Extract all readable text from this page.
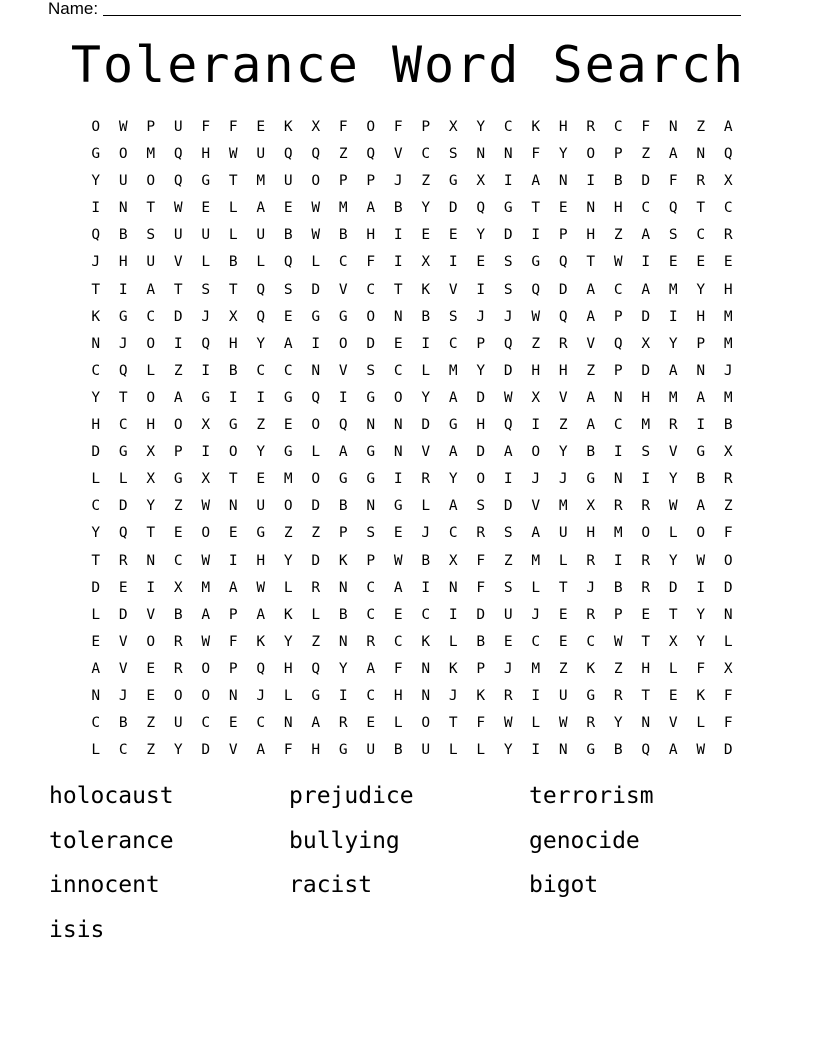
Name:
Tolerance Word Search
O	W	P	U	F	F	E	K	X	F	O	F	P	X	Y	C	K	H	R	C	F	N	Z	A
G	O	M	Q	H	W	U	Q	Q	Z	Q	V	C	S	N	N	F	Y	O	P	Z	A	N	Q
Y	U	O	Q	G	T	M	U	O	P	P	J	Z	G	X	I	A	N	I	B	D	F	R	X
I	N	T	W	E	L	A	E	W	M	A	B	Y	D	Q	G	T	E	N	H	C	Q	T	C
Q	B	S	U	U	L	U	B	W	B	H	I	E	E	Y	D	I	P	H	Z	A	S	C	R
J	H	U	V	L	B	L	Q	L	C	F	I	X	I	E	S	G	Q	T	W	I	E	E	E
T	I	A	T	S	T	Q	S	D	V	C	T	K	V	I	S	Q	D	A	C	A	M	Y	H
K	G	C	D	J	X	Q	E	G	G	O	N	B	S	J	J	W	Q	A	P	D	I	H	M
N	J	O	I	Q	H	Y	A	I	O	D	E	I	C	P	Q	Z	R	V	Q	X	Y	P	M
C	Q	L	Z	I	B	C	C	N	V	S	C	L	M	Y	D	H	H	Z	P	D	A	N	J
Y	T	O	A	G	I	I	G	Q	I	G	O	Y	A	D	W	X	V	A	N	H	M	A	M
H	C	H	O	X	G	Z	E	O	Q	N	N	D	G	H	Q	I	Z	A	C	M	R	I	B
D	G	X	P	I	O	Y	G	L	A	G	N	V	A	D	A	O	Y	B	I	S	V	G	X
L	L	X	G	X	T	E	M	O	G	G	I	R	Y	O	I	J	J	G	N	I	Y	B	R
C	D	Y	Z	W	N	U	O	D	B	N	G	L	A	S	D	V	M	X	R	R	W	A	Z
Y	Q	T	E	O	E	G	Z	Z	P	S	E	J	C	R	S	A	U	H	M	O	L	O	F
T	R	N	C	W	I	H	Y	D	K	P	W	B	X	F	Z	M	L	R	I	R	Y	W	O
D	E	I	X	M	A	W	L	R	N	C	A	I	N	F	S	L	T	J	B	R	D	I	D
L	D	V	B	A	P	A	K	L	B	C	E	C	I	D	U	J	E	R	P	E	T	Y	N
E	V	O	R	W	F	K	Y	Z	N	R	C	K	L	B	E	C	E	C	W	T	X	Y	L
A	V	E	R	O	P	Q	H	Q	Y	A	F	N	K	P	J	M	Z	K	Z	H	L	F	X
N	J	E	O	O	N	J	L	G	I	C	H	N	J	K	R	I	U	G	R	T	E	K	F
C	B	Z	U	C	E	C	N	A	R	E	L	O	T	F	W	L	W	R	Y	N	V	L	F
L	C	Z	Y	D	V	A	F	H	G	U	B	U	L	L	Y	I	N	G	B	Q	A	W	D
holocaust	prejudice	terrorism
tolerance	bullying	genocide
innocent	racist	bigot
isis
